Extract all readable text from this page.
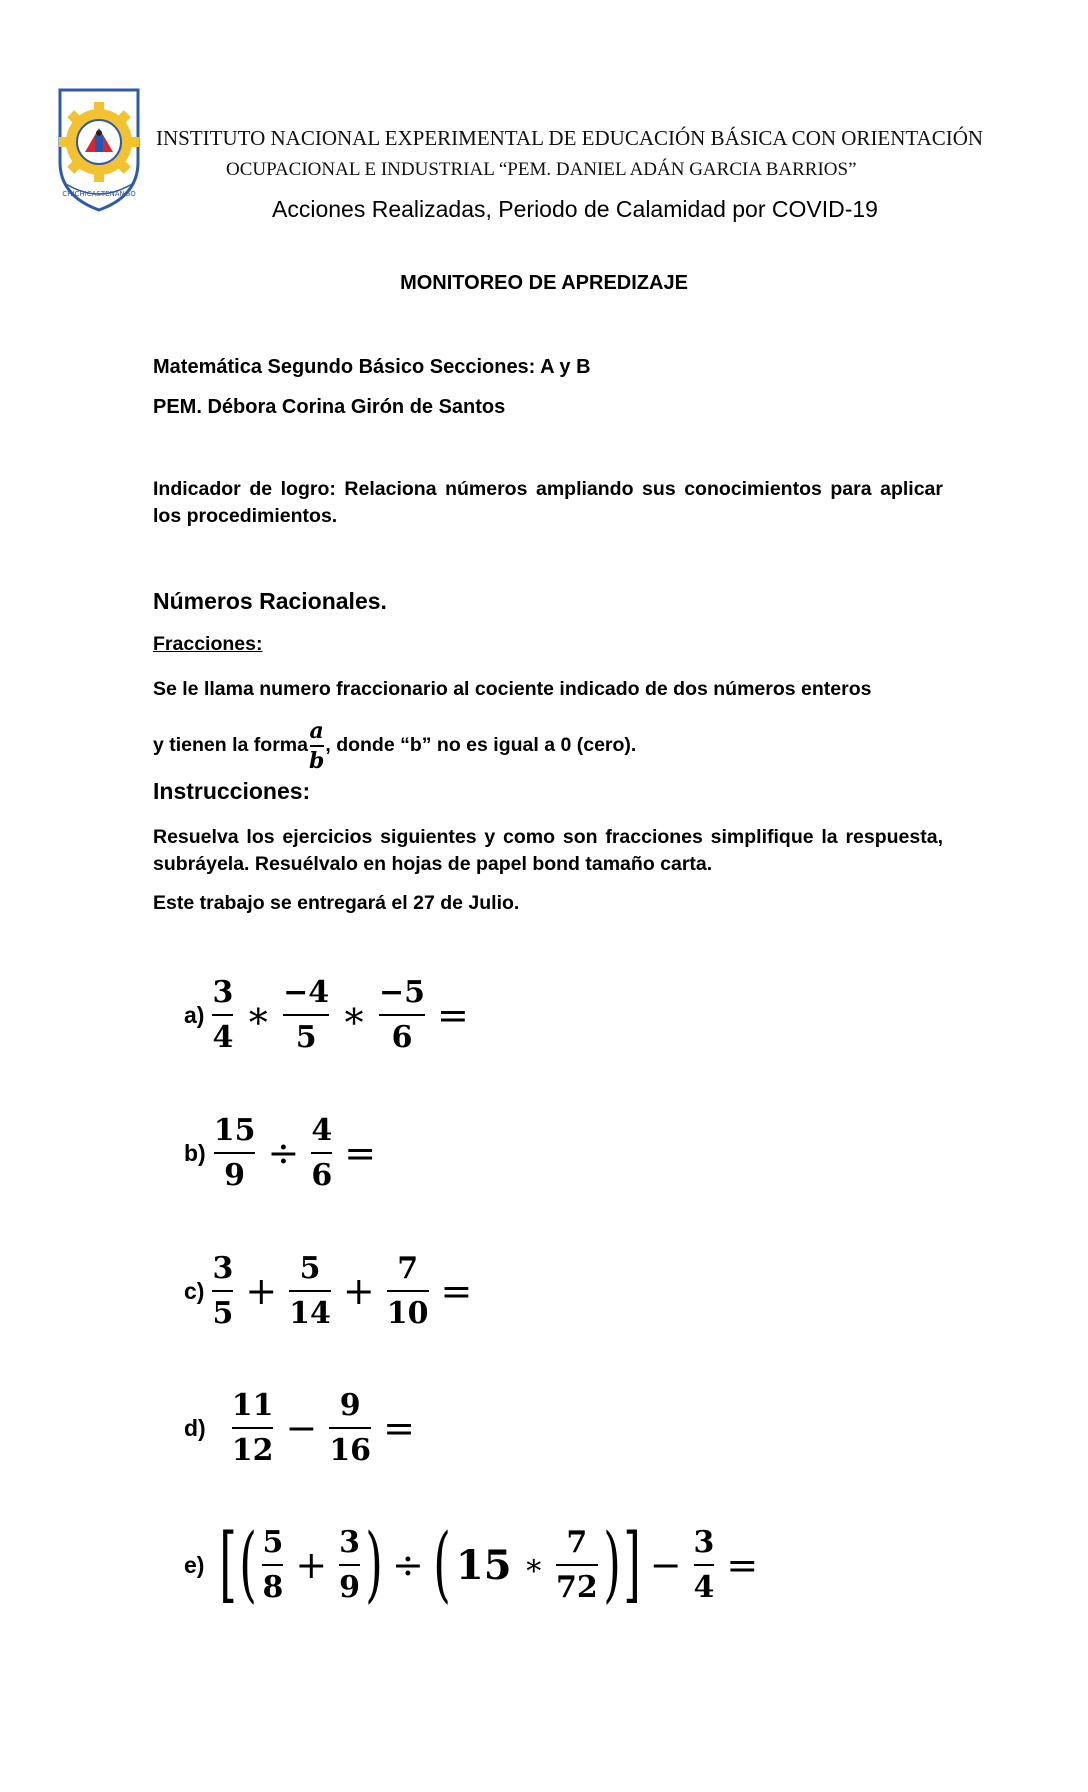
CHICHICASTENANGO
INSTITUTO NACIONAL EXPERIMENTAL DE EDUCACIÓN BÁSICA CON ORIENTACIÓN
OCUPACIONAL E INDUSTRIAL “PEM. DANIEL ADÁN GARCIA BARRIOS”
Acciones Realizadas, Periodo de Calamidad por COVID-19
MONITOREO DE APREDIZAJE
Matemática Segundo Básico Secciones: A y B
PEM. Débora Corina Girón de Santos
Indicador de logro: Relaciona números ampliando sus conocimientos para aplicar los procedimientos.
Números Racionales.
Fracciones:
Se le llama numero fraccionario al cociente indicado de dos números enteros
y tienen la forma $\frac{a}{b}$ , donde “b” no es igual a 0 (cero).
Instrucciones:
Resuelva los ejercicios siguientes y como son fracciones simplifique la respuesta, subráyela. Resuélvalo en hojas de papel bond tamaño carta.
Este trabajo se entregará el 27 de Julio.
$a) \frac{3}{4}$ ∗ $\frac{-4}{5}$ ∗ $\frac{-5}{6}$ =
$b) \frac{15}{9} \div \frac{4}{6}$ =
$c) \frac{3}{5} + \frac{5}{14} + \frac{7}{10}$ =
$d) \frac{11}{12} - \frac{9}{16}$ =
e) [ ( $\frac{5}{8} + \frac{3}{9}$ ) ÷ ( 15 ∗ $\frac{7}{72}$ ) ] − $\frac{3}{4}$ =
